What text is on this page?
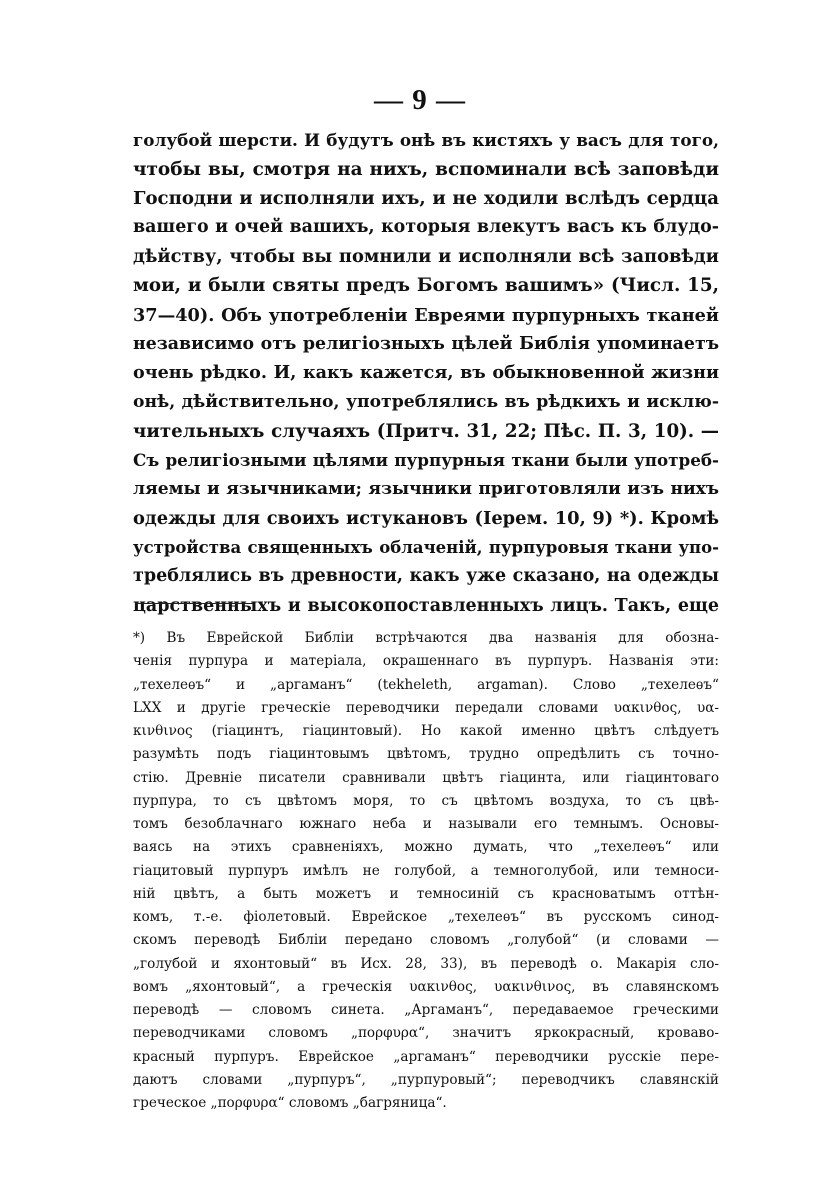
— 9 —
голубой шерсти. И будутъ онѣ въ кистяхъ у васъ для того,
чтобы вы, смотря на нихъ, вспоминали всѣ заповѣди
Господни и исполняли ихъ, и не ходили вслѣдъ сердца
вашего и очей вашихъ, которыя влекутъ васъ къ блудо-
дѣйству, чтобы вы помнили и исполняли всѣ заповѣди
мои, и были святы предъ Богомъ вашимъ» (Числ. 15,
37—40). Объ употребленіи Евреями пурпурныхъ тканей
независимо отъ религіозныхъ цѣлей Библія упоминаетъ
очень рѣдко. И, какъ кажется, въ обыкновенной жизни
онѣ, дѣйствительно, употреблялись въ рѣдкихъ и исклю-
чительныхъ случаяхъ (Притч. 31, 22; Пѣс. П. 3, 10). —
Съ религіозными цѣлями пурпурныя ткани были употреб-
ляемы и язычниками; язычники приготовляли изъ нихъ
одежды для своихъ истукановъ (Iерем. 10, 9) *). Кромѣ
устройства священныхъ облаченій, пурпуровыя ткани упо-
треблялись въ древности, какъ уже сказано, на одежды
царственныхъ и высокопоставленныхъ лицъ. Такъ, еще
*) Въ Еврейской Библіи встрѣчаются два названія для обозна-
ченія пурпура и матеріала, окрашеннаго въ пурпуръ. Названія эти:
„техелеѳъ“ и „аргаманъ“ (tekheleth, argaman). Слово „техелеѳъ“
LXX и другіе греческіе переводчики передали словами υακινθος, υα-
κινθινος (гіацинтъ, гіацинтовый). Но какой именно цвѣтъ слѣдуетъ
разумѣть подъ гіацинтовымъ цвѣтомъ, трудно опредѣлить съ точно-
стію. Древніе писатели сравнивали цвѣтъ гіацинта, или гіацинтоваго
пурпура, то съ цвѣтомъ моря, то съ цвѣтомъ воздуха, то съ цвѣ-
томъ безоблачнаго южнаго неба и называли его темнымъ. Основы-
ваясь на этихъ сравненіяхъ, можно думать, что „техелеѳъ“ или
гіацитовый пурпуръ имѣлъ не голубой, а темноголубой, или темноси-
ній цвѣтъ, а быть можетъ и темносиній съ красноватымъ оттѣн-
комъ, т.-е. фіолетовый. Еврейское „техелеѳъ“ въ русскомъ синод-
скомъ переводѣ Библіи передано словомъ „голубой“ (и словами —
„голубой и яхонтовый“ въ Исх. 28, 33), въ переводѣ о. Макарія сло-
вомъ „яхонтовый“, а греческія υακινθος, υακινθινος, въ славянскомъ
переводѣ — словомъ синета. „Аргаманъ“, передаваемое греческими
переводчиками словомъ „πορφυρα“, значитъ яркокрасный, кроваво-
красный пурпуръ. Еврейское „аргаманъ“ переводчики русскіе пере-
даютъ словами „пурпуръ“, „пурпуровый“; переводчикъ славянскій
греческое „πορφυρα“ словомъ „багряница“.
